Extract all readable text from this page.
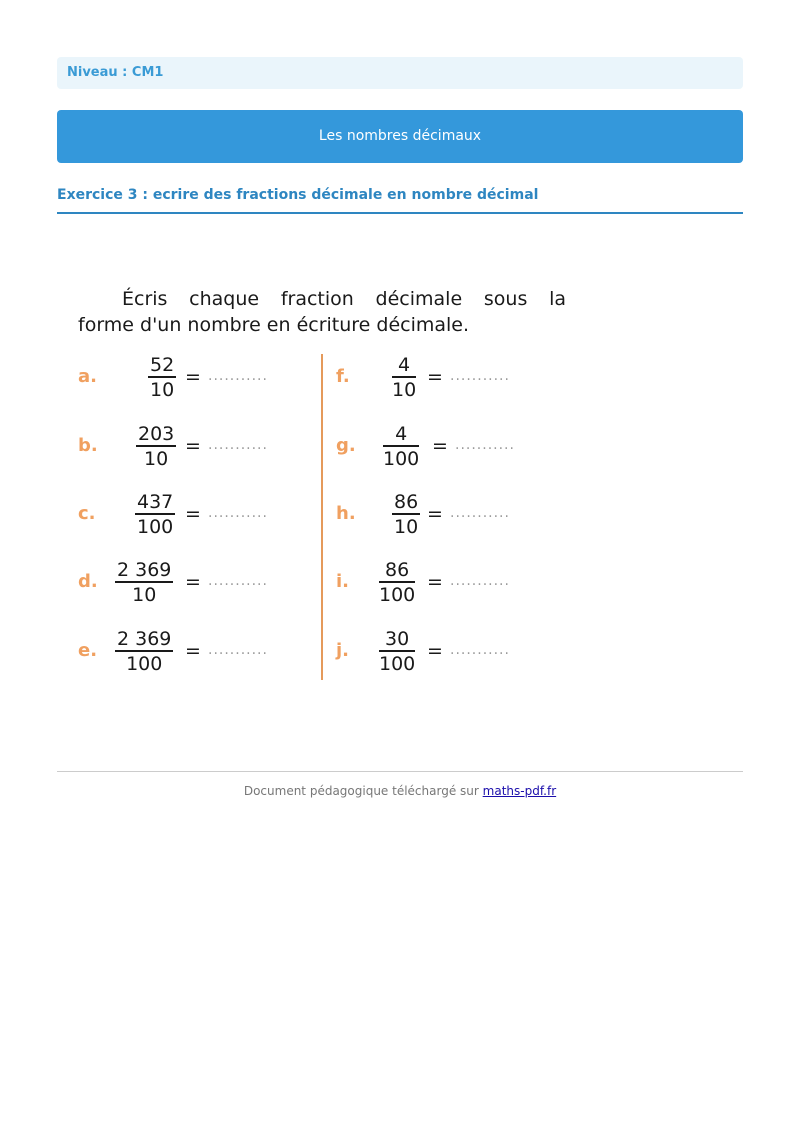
Niveau : CM1
Les nombres décimaux
Exercice 3 : ecrire des fractions décimale en nombre décimal
Écris chaque fraction décimale sous la
forme d'un nombre en écriture décimale.
a.
52
10
= ...........
b.
203
10
= ...........
c.
437
100
= ...........
d.
2 369
10
= ...........
e.
2 369
100
= ...........
f.
4
10
= ...........
g.
4
100
= ...........
h.
86
10
= ...........
i.
86
100
= ...........
j.
30
100
= ...........
Document pédagogique téléchargé sur maths-pdf.fr
